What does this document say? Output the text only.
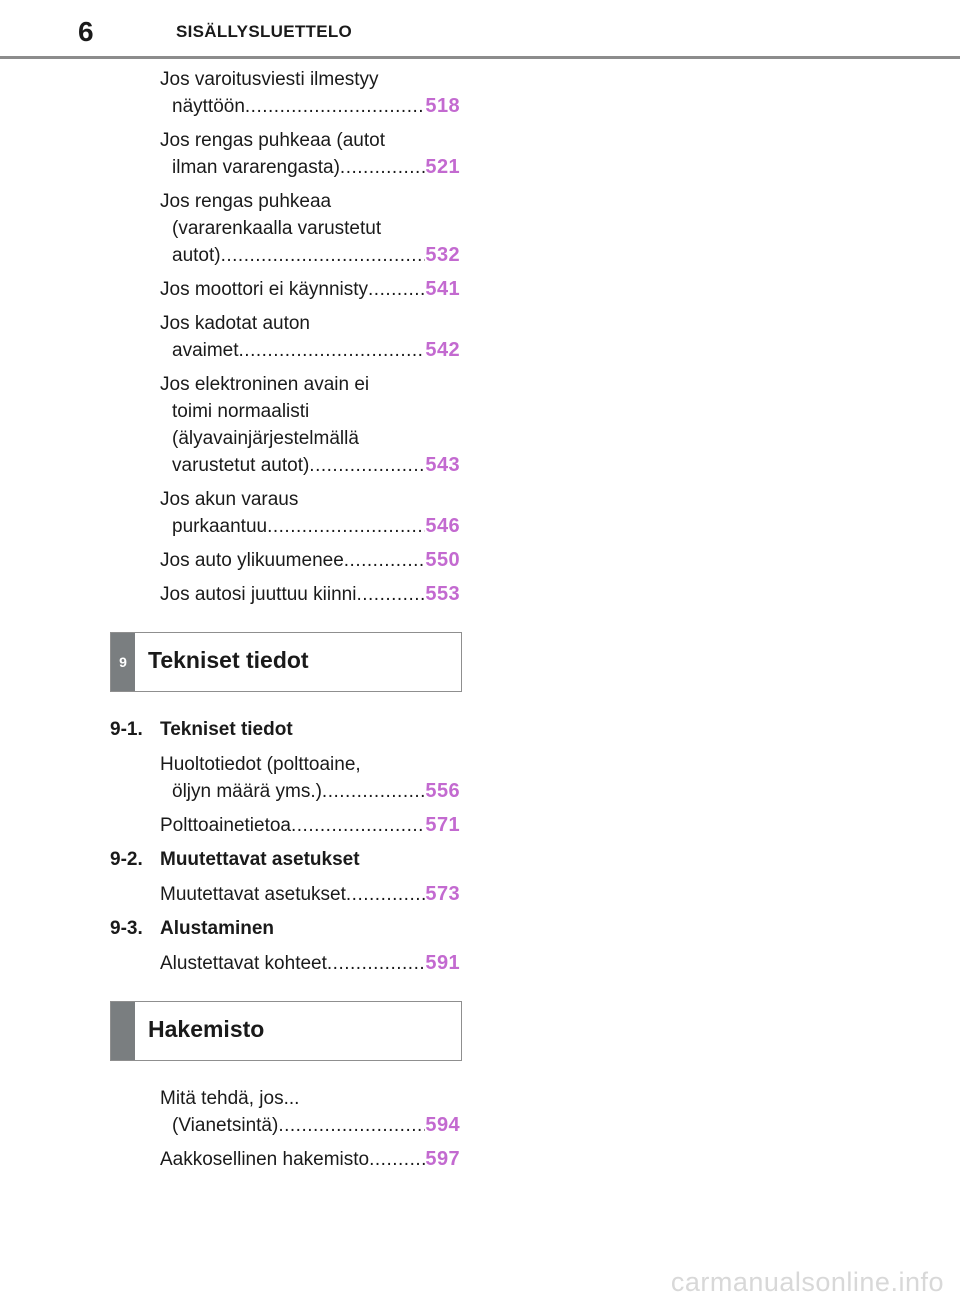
6	SISÄLLYSLUETTELO
Jos varoitusviesti ilmestyy
näyttöön .....	518
Jos rengas puhkeaa (autot
ilman vararengasta) .....	521
Jos rengas puhkeaa
(vararenkaalla varustetut
autot) .....	532
Jos moottori ei käynnisty .....	541
Jos kadotat auton
avaimet .....	542
Jos elektroninen avain ei
toimi normaalisti
(älyavainjärjestelmällä
varustetut autot) .....	543
Jos akun varaus
purkaantuu .....	546
Jos auto ylikuumenee .....	550
Jos autosi juuttuu kiinni .....	553
9 Tekniset tiedot
9-1. Tekniset tiedot
Huoltotiedot (polttoaine,
öljyn määrä yms.) .....	556
Polttoainetietoa .....	571
9-2. Muutettavat asetukset
Muutettavat asetukset .....	573
9-3. Alustaminen
Alustettavat kohteet .....	591
Hakemisto
Mitä tehdä, jos...
(Vianetsintä) .....	594
Aakkosellinen hakemisto .....	597
carmanualsonline.info
